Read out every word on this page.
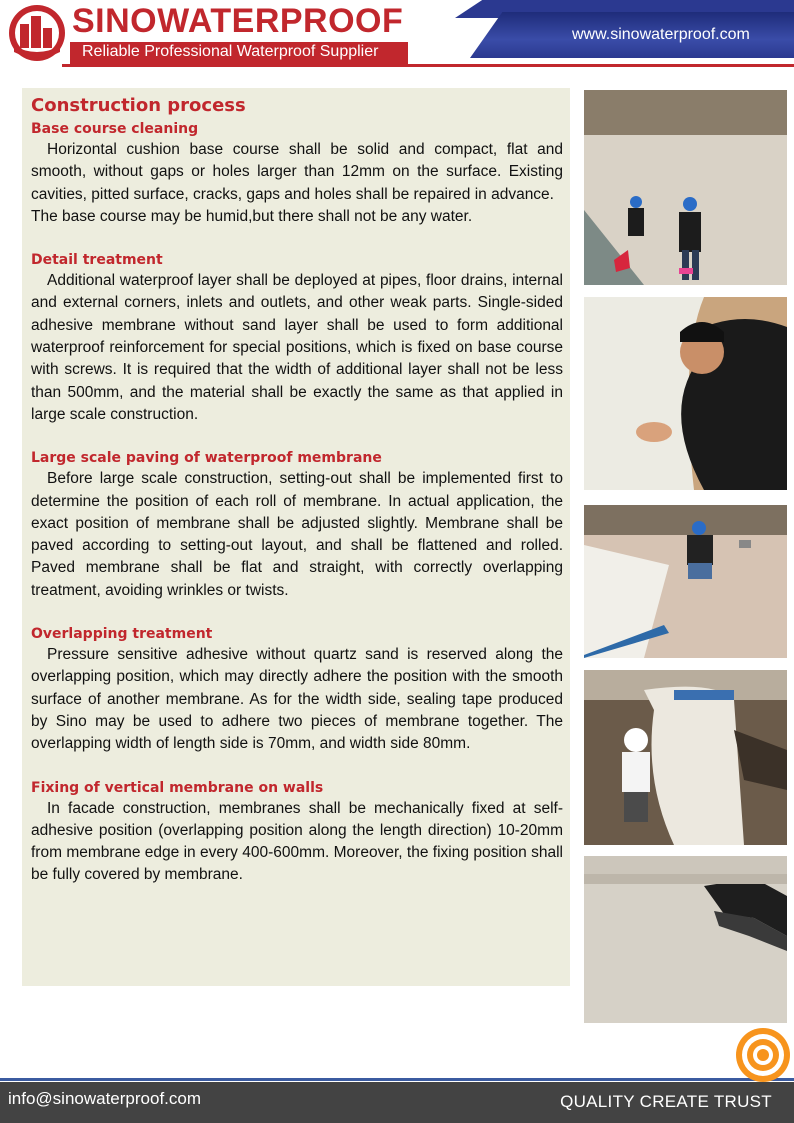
SINOWATERPROOF
Reliable Professional Waterproof Supplier
www.sinowaterproof.com
Construction process
Base course cleaning

Horizontal cushion base course shall be solid and compact, flat and smooth, without gaps or holes larger than 12mm on the surface. Existing cavities, pitted surface, cracks, gaps and holes shall be repaired in advance.

The base course may be humid,but there shall not be any water.

Detail treatment

Additional waterproof layer shall be deployed at pipes, floor drains, internal and external corners, inlets and outlets, and other weak parts. Single-sided adhesive membrane without sand layer shall be used to form additional waterproof reinforcement for special positions, which is fixed on base course with screws. It is required that the width of additional layer shall not be less than 500mm, and the material shall be exactly the same as that applied in large scale construction.

Large scale paving of waterproof membrane

Before large scale construction, setting-out shall be implemented first to determine the position of each roll of membrane. In actual application, the exact position of membrane shall be adjusted slightly. Membrane shall be paved according to setting-out layout, and shall be flattened and rolled. Paved membrane shall be flat and straight, with correctly overlapping treatment, avoiding wrinkles or twists.

Overlapping treatment

Pressure sensitive adhesive without quartz sand is reserved along the overlapping position, which may directly adhere the position with the smooth surface of another membrane. As for the width side, sealing tape produced by Sino may be used to adhere two pieces of membrane together. The overlapping width of length side is 70mm, and width side 80mm.

Fixing of vertical membrane on walls

In facade construction, membranes shall be mechanically fixed at self-adhesive position (overlapping position along the length direction) 10-20mm from membrane edge in every 400-600mm. Moreover, the fixing position shall be fully covered by membrane.

info@sinowaterproof.com	QUALITY CREATE TRUST
